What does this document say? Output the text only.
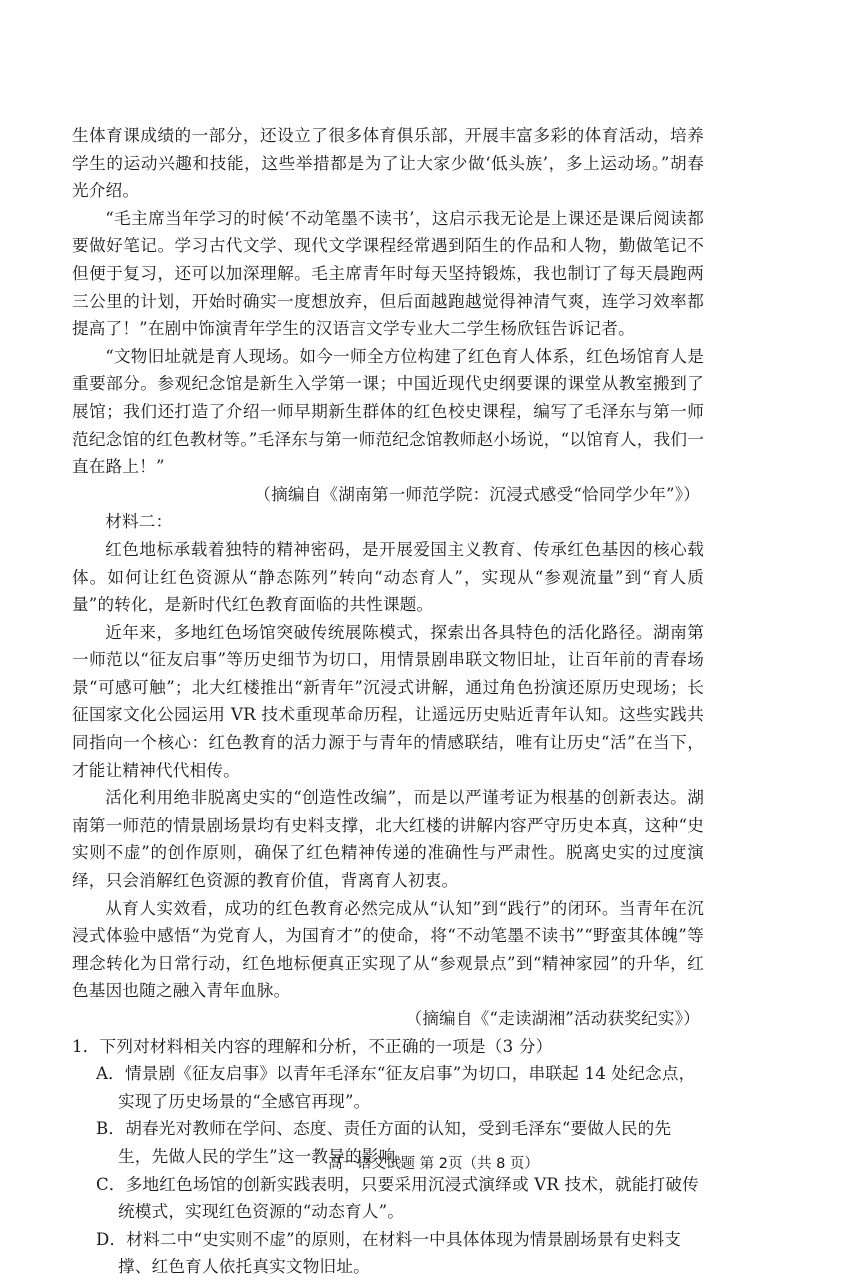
生体育课成绩的一部分，还设立了很多体育俱乐部，开展丰富多彩的体育活动，培养学生的运动兴趣和技能，这些举措都是为了让大家少做‘低头族’，多上运动场。”胡春光介绍。

“毛主席当年学习的时候‘不动笔墨不读书’，这启示我无论是上课还是课后阅读都要做好笔记。学习古代文学、现代文学课程经常遇到陌生的作品和人物，勤做笔记不但便于复习，还可以加深理解。毛主席青年时每天坚持锻炼，我也制订了每天晨跑两三公里的计划，开始时确实一度想放弃，但后面越跑越觉得神清气爽，连学习效率都提高了！”在剧中饰演青年学生的汉语言文学专业大二学生杨欣钰告诉记者。

“文物旧址就是育人现场。如今一师全方位构建了红色育人体系，红色场馆育人是重要部分。参观纪念馆是新生入学第一课；中国近现代史纲要课的课堂从教室搬到了展馆；我们还打造了介绍一师早期新生群体的红色校史课程，编写了毛泽东与第一师范纪念馆的红色教材等。”毛泽东与第一师范纪念馆教师赵小场说，“以馆育人，我们一直在路上！”

（摘编自《湖南第一师范学院：沉浸式感受“恰同学少年”》）

材料二：

红色地标承载着独特的精神密码，是开展爱国主义教育、传承红色基因的核心载体。如何让红色资源从“静态陈列”转向“动态育人”，实现从“参观流量”到“育人质量”的转化，是新时代红色教育面临的共性课题。

近年来，多地红色场馆突破传统展陈模式，探索出各具特色的活化路径。湖南第一师范以“征友启事”等历史细节为切口，用情景剧串联文物旧址，让百年前的青春场景“可感可触”；北大红楼推出“新青年”沉浸式讲解，通过角色扮演还原历史现场；长征国家文化公园运用 VR 技术重现革命历程，让遥远历史贴近青年认知。这些实践共同指向一个核心：红色教育的活力源于与青年的情感联结，唯有让历史“活”在当下，才能让精神代代相传。

活化利用绝非脱离史实的“创造性改编”，而是以严谨考证为根基的创新表达。湖南第一师范的情景剧场景均有史料支撑，北大红楼的讲解内容严守历史本真，这种“史实则不虚”的创作原则，确保了红色精神传递的准确性与严肃性。脱离史实的过度演绎，只会消解红色资源的教育价值，背离育人初衷。

从育人实效看，成功的红色教育必然完成从“认知”到“践行”的闭环。当青年在沉浸式体验中感悟“为党育人，为国育才”的使命，将“不动笔墨不读书”“野蛮其体魄”等理念转化为日常行动，红色地标便真正实现了从“参观景点”到“精神家园”的升华，红色基因也随之融入青年血脉。

（摘编自《“走读湖湘”活动获奖纪实》）

1．下列对材料相关内容的理解和分析，不正确的一项是（3 分）

A．情景剧《征友启事》以青年毛泽东“征友启事”为切口，串联起 14 处纪念点，实现了历史场景的“全感官再现”。

B．胡春光对教师在学问、态度、责任方面的认知，受到毛泽东“要做人民的先生，先做人民的学生”这一教导的影响。

C．多地红色场馆的创新实践表明，只要采用沉浸式演绎或 VR 技术，就能打破传统模式，实现红色资源的“动态育人”。

D．材料二中“史实则不虚”的原则，在材料一中具体体现为情景剧场景有史料支撑、红色育人依托真实文物旧址。

高一语文试题 第 2页（共 8 页）
